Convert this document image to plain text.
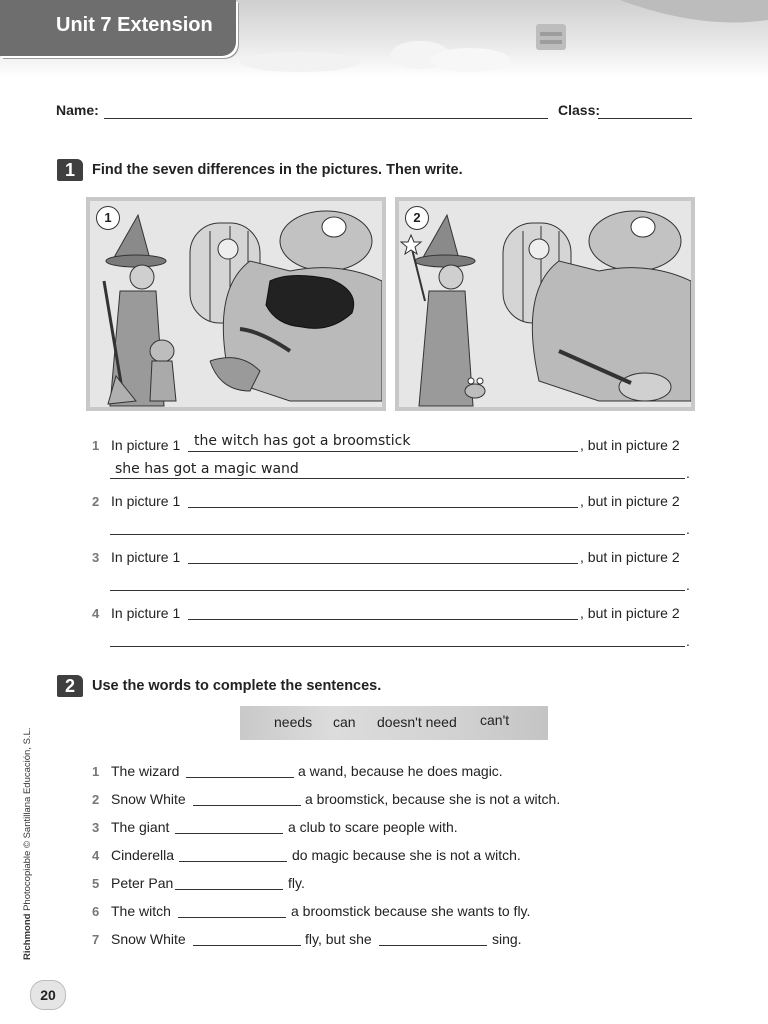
Unit 7 Extension
Name:	Class:
1	Find the seven differences in the pictures. Then write.
1	2
1 In picture 1 the witch has got a broomstick	, but in picture 2
she has got a magic wand	.
2 In picture 1	, but in picture 2
.
3 In picture 1	, but in picture 2
.
4 In picture 1	, but in picture 2
.
2	Use the words to complete the sentences.
needs can doesn't need can't
1 The wizard	a wand, because he does magic.
2 Snow White	a broomstick, because she is not a witch.
3 The giant	a club to scare people with.
4 Cinderella	do magic because she is not a witch.
5 Peter Pan	fly.
6 The witch	a broomstick because she wants to fly.
7 Snow White	fly, but she	sing.
Richmond Photocopiable © Santillana Educación, S.L.
20
